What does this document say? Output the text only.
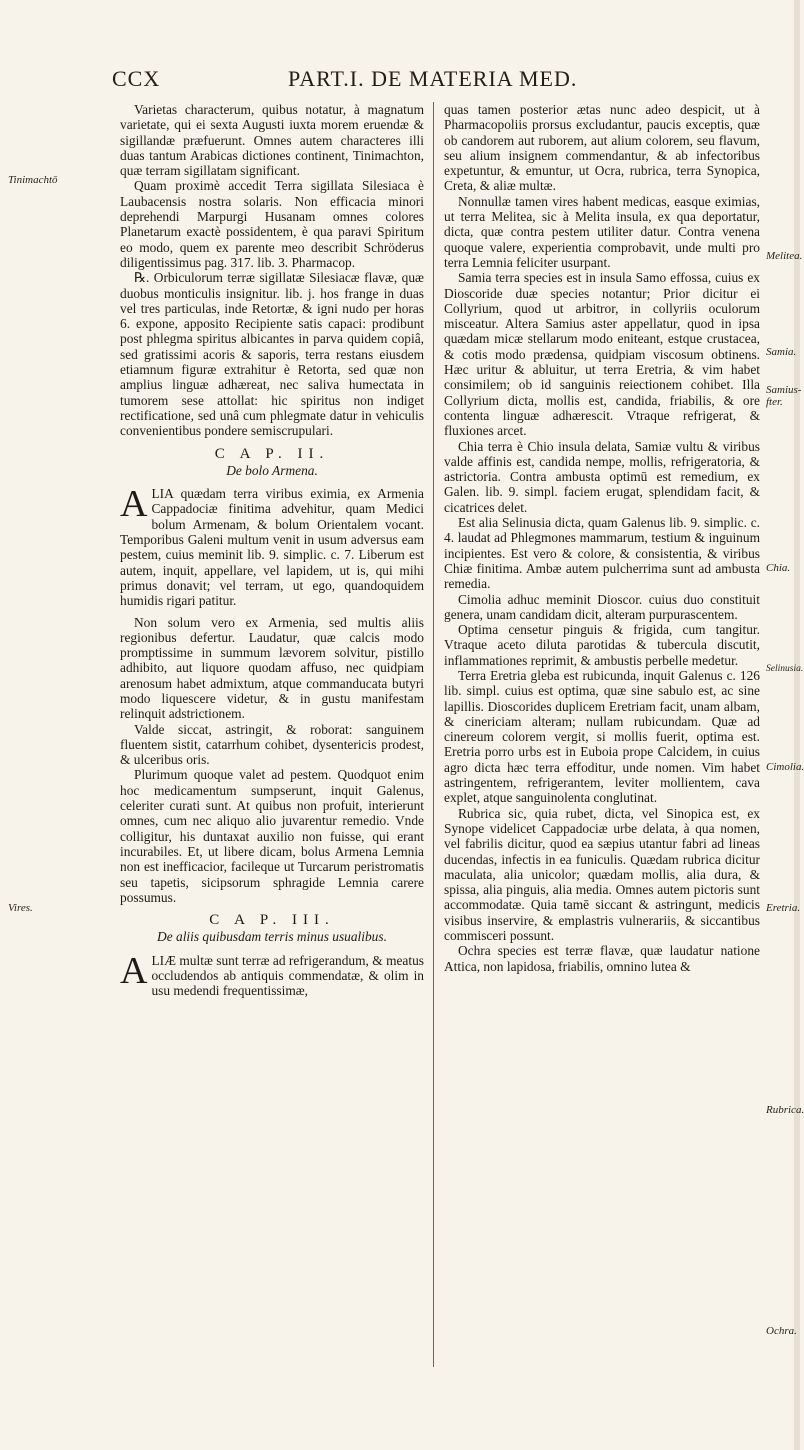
CCX	PART.I. DE MATERIA MED.
Tinimachtō
Vires.
Melitea.
Samia.
Samius-
fter.
Chia.
Selinusia.
Cimolia.
Eretria.
Rubrica.
Ochra.

Varietas characterum, quibus notatur, à magnatum varietate, qui ei sexta Augusti iuxta morem eruendæ & sigillandæ præfuerunt. Omnes autem characteres illi duas tantum Arabicas dictiones continent, Tinimachton, quæ terram sigillatam significant.

Quam proximè accedit Terra sigillata Silesiaca è Laubacensis nostra solaris. Non efficacia minori deprehendi Marpurgi Husanam omnes colores Planetarum exactè possidentem, è qua paravi Spiritum eo modo, quem ex parente meo describit Schröderus diligentissimus pag. 317. lib. 3. Pharmacop.

℞. Orbiculorum terræ sigillatæ Silesiacæ flavæ, quæ duobus monticulis insignitur. lib. j. hos frange in duas vel tres particulas, inde Retortæ, & igni nudo per horas 6. expone, apposito Recipiente satis capaci: prodibunt post phlegma spiritus albicantes in parva quidem copiâ, sed gratissimi acoris & saporis, terra restans eiusdem etiamnum figuræ extrahitur è Retorta, sed quæ non amplius linguæ adhæreat, nec saliva humectata in tumorem sese attollat: hic spiritus non indiget rectificatione, sed unâ cum phlegmate datur in vehiculis convenientibus pondere semiscrupulari.

C A P. II.
De bolo Armena.

ALIA quædam terra viribus eximia, ex Armenia Cappadociæ finitima advehitur, quam Medici bolum Armenam, & bolum Orientalem vocant. Temporibus Galeni multum venit in usum adversus eam pestem, cuius meminit lib. 9. simplic. c. 7. Liberum est autem, inquit, appellare, vel lapidem, ut is, qui mihi primus donavit; vel terram, ut ego, quandoquidem humidis rigari patitur.

Non solum vero ex Armenia, sed multis aliis regionibus defertur. Laudatur, quæ calcis modo promptissime in summum lævorem solvitur, pistillo adhibito, aut liquore quodam affuso, nec quidpiam arenosum habet admixtum, atque commanducata butyri modo liquescere videtur, & in gustu manifestam relinquit adstrictionem.

Valde siccat, astringit, & roborat: sanguinem fluentem sistit, catarrhum cohibet, dysentericis prodest, & ulceribus oris.

Plurimum quoque valet ad pestem. Quodquot enim hoc medicamentum sumpserunt, inquit Galenus, celeriter curati sunt. At quibus non profuit, interierunt omnes, cum nec aliquo alio juvarentur remedio. Vnde colligitur, his duntaxat auxilio non fuisse, qui erant incurabiles. Et, ut libere dicam, bolus Armena Lemnia non est inefficacior, facileque ut Turcarum peristromatis seu tapetis, sicipsorum sphragide Lemnia carere possumus.

C A P. III.
De aliis quibusdam terris minus usualibus.

ALIÆ multæ sunt terræ ad refrigerandum, & meatus occludendos ab antiquis commendatæ, & olim in usu medendi frequentissimæ,

quas tamen posterior ætas nunc adeo despicit, ut à Pharmacopoliis prorsus excludantur, paucis exceptis, quæ ob candorem aut ruborem, aut alium colorem, seu flavum, seu alium insignem commendantur, & ab infectoribus expetuntur, & emuntur, ut Ocra, rubrica, terra Synopica, Creta, & aliæ multæ.

Nonnullæ tamen vires habent medicas, easque eximias, ut terra Melitea, sic à Melita insula, ex qua deportatur, dicta, quæ contra pestem utiliter datur. Contra venena quoque valere, experientia comprobavit, unde multi pro terra Lemnia feliciter usurpant.

Samia terra species est in insula Samo effossa, cuius ex Dioscoride duæ species notantur; Prior dicitur ei Collyrium, quod ut arbitror, in collyriis oculorum misceatur. Altera Samius aster appellatur, quod in ipsa quædam micæ stellarum modo eniteant, estque crustacea, & cotis modo prædensa, quidpiam viscosum obtinens. Hæc uritur & abluitur, ut terra Eretria, & vim habet consimilem; ob id sanguinis reiectionem cohibet. Illa Collyrium dicta, mollis est, candida, friabilis, & ore contenta linguæ adhærescit. Vtraque refrigerat, & fluxiones arcet.

Chia terra è Chio insula delata, Samiæ vultu & viribus valde affinis est, candida nempe, mollis, refrigeratoria, & astrictoria. Contra ambusta optimū est remedium, ex Galen. lib. 9. simpl. faciem erugat, splendidam facit, & cicatrices delet.

Est alia Selinusia dicta, quam Galenus lib. 9. simplic. c. 4. laudat ad Phlegmones mammarum, testium & inguinum incipientes. Est vero & colore, & consistentia, & viribus Chiæ finitima. Ambæ autem pulcherrima sunt ad ambusta remedia.

Cimolia adhuc meminit Dioscor. cuius duo constituit genera, unam candidam dicit, alteram purpurascentem.

Optima censetur pinguis & frigida, cum tangitur. Vtraque aceto diluta parotidas & tubercula discutit, inflammationes reprimit, & ambustis perbelle medetur.

Terra Eretria gleba est rubicunda, inquit Galenus c. 126 lib. simpl. cuius est optima, quæ sine sabulo est, ac sine lapillis. Dioscorides duplicem Eretriam facit, unam albam, & cinericiam alteram; nullam rubicundam. Quæ ad cinereum colorem vergit, si mollis fuerit, optima est. Eretria porro urbs est in Euboia prope Calcidem, in cuius agro dicta hæc terra effoditur, unde nomen. Vim habet astringentem, refrigerantem, leviter mollientem, cava explet, atque sanguinolenta conglutinat.

Rubrica sic, quia rubet, dicta, vel Sinopica est, ex Synope videlicet Cappadociæ urbe delata, à qua nomen, vel fabrilis dicitur, quod ea sæpius utantur fabri ad lineas ducendas, infectis in ea funiculis. Quædam rubrica dicitur maculata, alia unicolor; quædam mollis, alia dura, & spissa, alia pinguis, alia media. Omnes autem pictoris sunt accommodatæ. Quia tamē siccant & astringunt, medicis visibus inservire, & emplastris vulnerariis, & siccantibus commisceri possunt.

Ochra species est terræ flavæ, quæ laudatur natione Attica, non lapidosa, friabilis, omnino lutea &
